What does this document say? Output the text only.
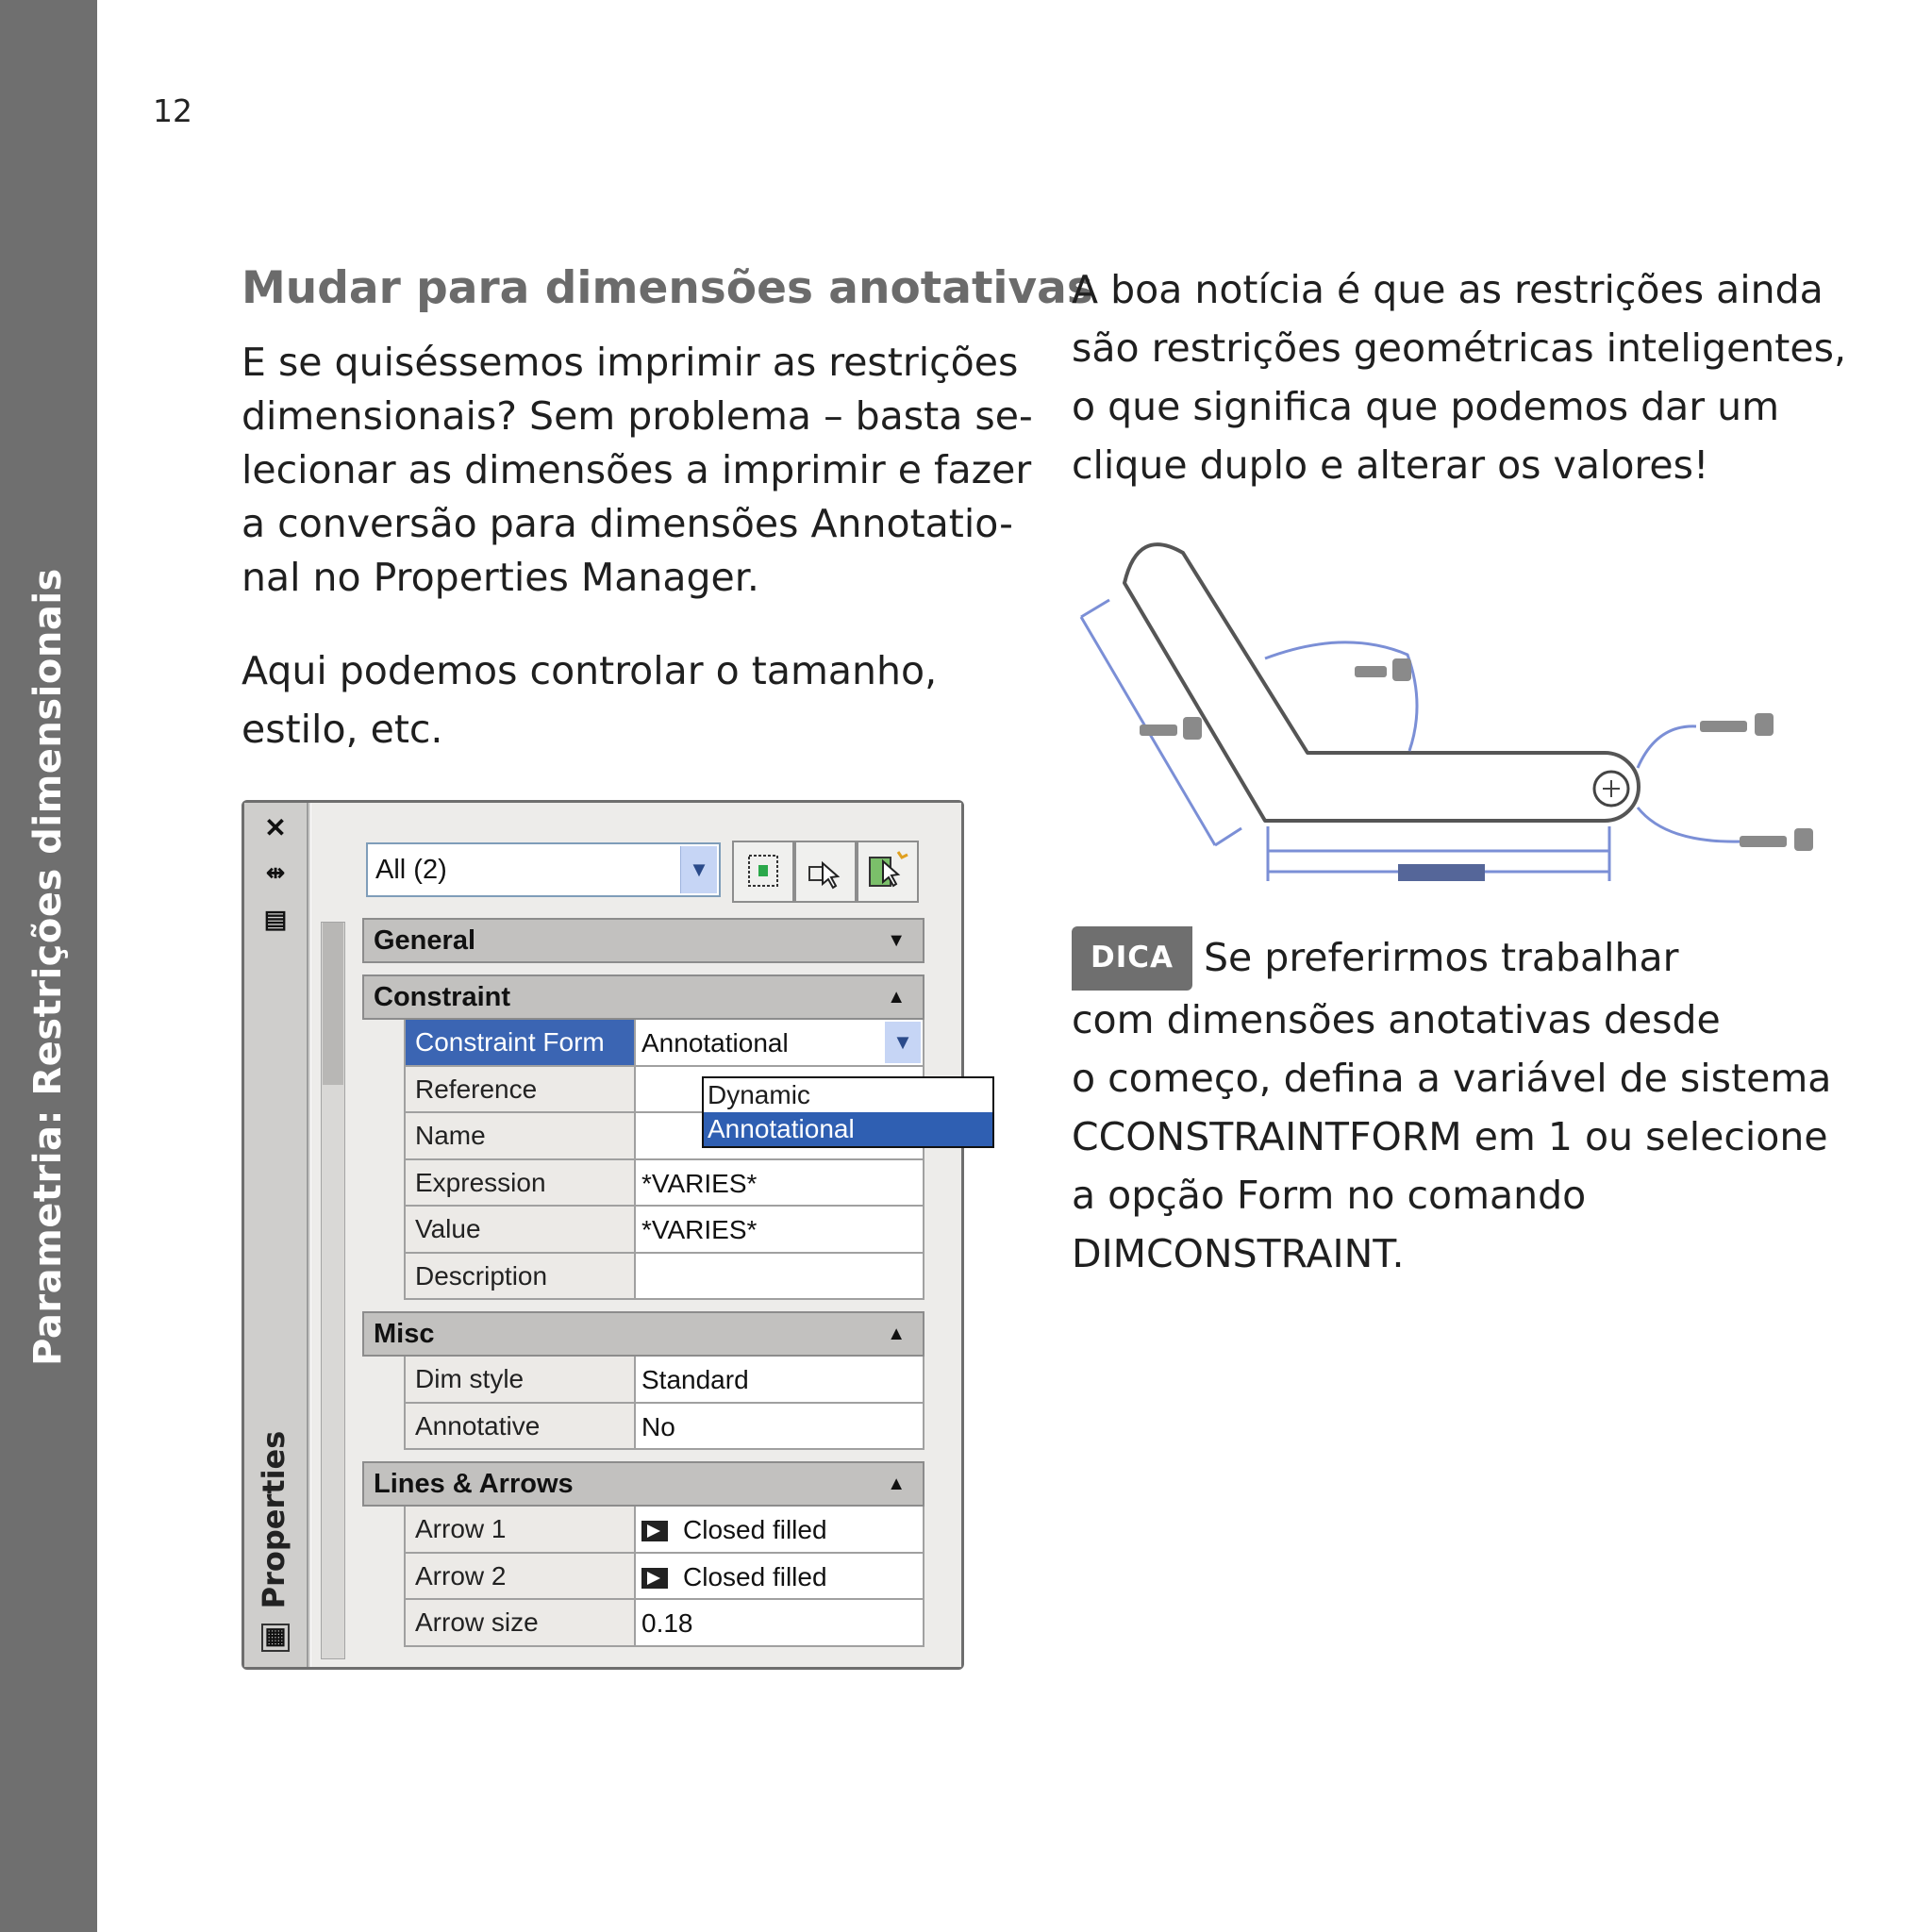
Parametria: Restrições dimensionais
12
Mudar para dimensões anotativas

E se quiséssemos imprimir as restrições
dimensionais? Sem problema – basta se-
lecionar as dimensões a imprimir e fazer
a conversão para dimensões Annotatio-
nal no Properties Manager.

Aqui podemos controlar o tamanho,
estilo, etc.

A boa notícia é que as restrições ainda
são restrições geométricas inteligentes,
o que significa que podemos dar um
clique duplo e alterar os valores!

DICA Se preferirmos trabalhar
com dimensões anotativas desde
o começo, defina a variável de sistema
CCONSTRAINTFORM em 1 ou selecione
a opção Form no comando
DIMCONSTRAINT.

✕
⇹
▤
Properties
▦
All (2)	▼
General	▼
Constraint	▲
Constraint Form	Annotational	▼
Reference
Name
Expression	*VARIES*
Value	*VARIES*
Description
Misc	▲
Dim style	Standard
Annotative	No
Lines & Arrows	▲
Arrow 1	Closed filled
Arrow 2	Closed filled
Arrow size	0.18
Dynamic
Annotational
